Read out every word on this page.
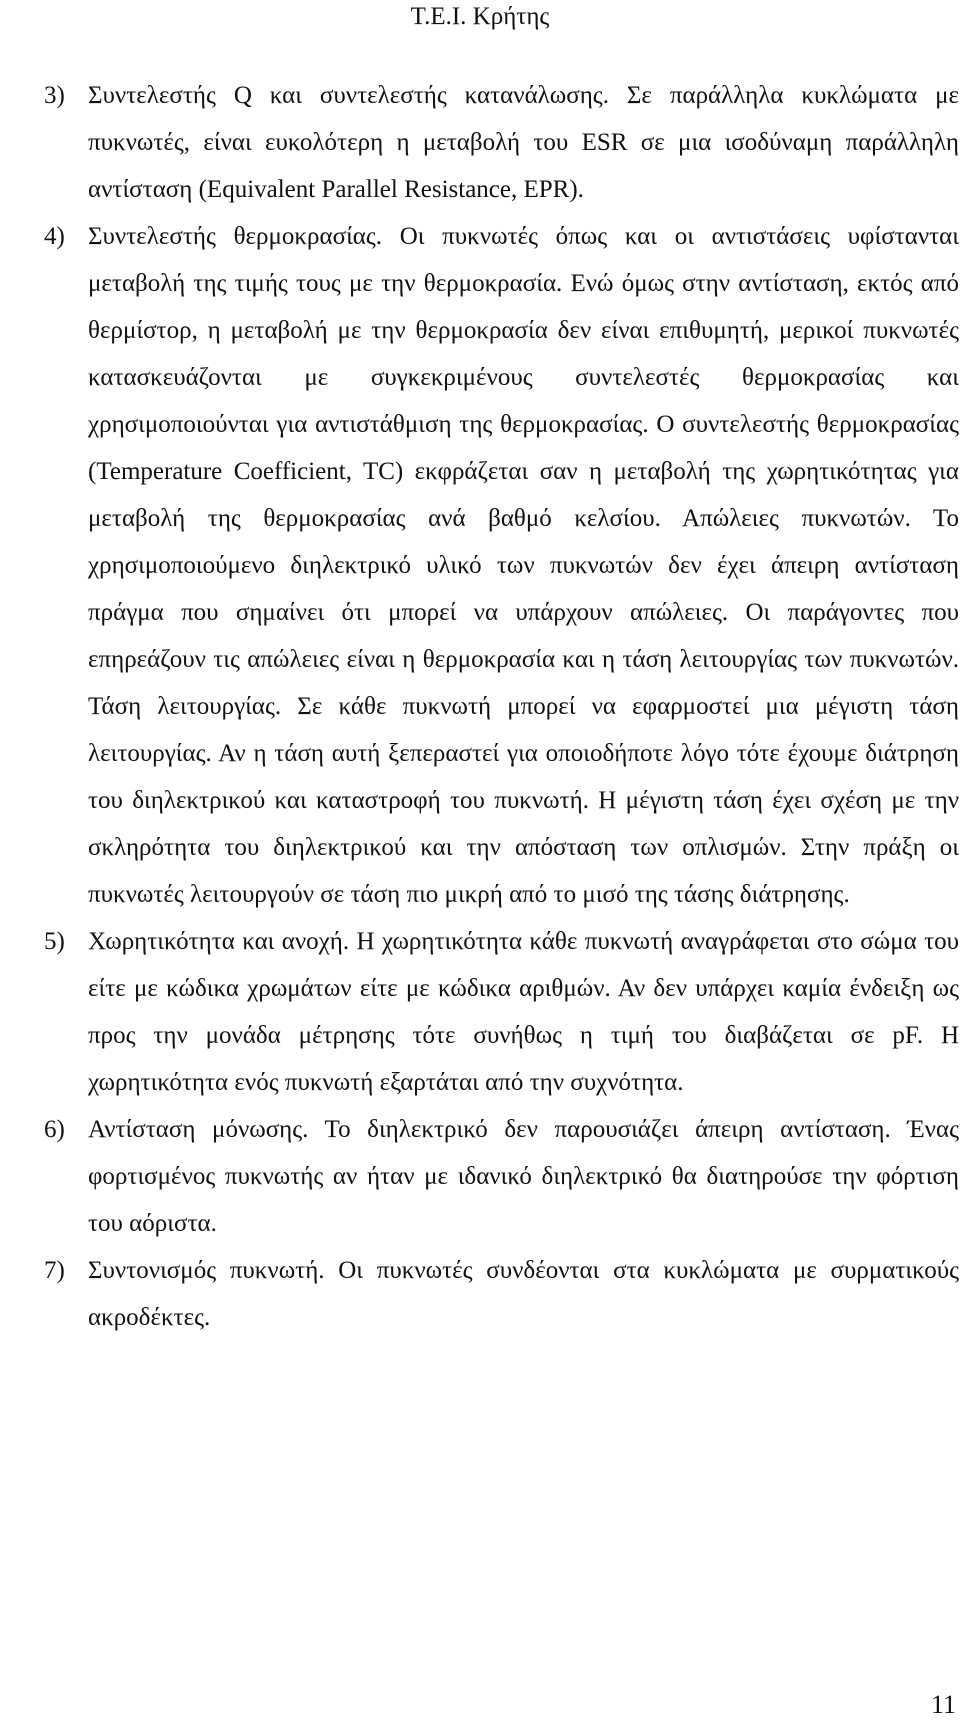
Τ.Ε.Ι. Κρήτης
3) Συντελεστής Q και συντελεστής κατανάλωσης. Σε παράλληλα κυκλώματα με πυκνωτές, είναι ευκολότερη η μεταβολή του ESR σε μια ισοδύναμη παράλληλη αντίσταση (Equivalent Parallel Resistance, EPR).
4) Συντελεστής θερμοκρασίας. Οι πυκνωτές όπως και οι αντιστάσεις υφίστανται μεταβολή της τιμής τους με την θερμοκρασία. Ενώ όμως στην αντίσταση, εκτός από θερμίστορ, η μεταβολή με την θερμοκρασία δεν είναι επιθυμητή, μερικοί πυκνωτές κατασκευάζονται με συγκεκριμένους συντελεστές θερμοκρασίας και χρησιμοποιούνται για αντιστάθμιση της θερμοκρασίας. Ο συντελεστής θερμοκρασίας (Temperature Coefficient, TC) εκφράζεται σαν η μεταβολή της χωρητικότητας για μεταβολή της θερμοκρασίας ανά βαθμό κελσίου. Απώλειες πυκνωτών. Το χρησιμοποιούμενο διηλεκτρικό υλικό των πυκνωτών δεν έχει άπειρη αντίσταση πράγμα που σημαίνει ότι μπορεί να υπάρχουν απώλειες. Οι παράγοντες που επηρεάζουν τις απώλειες είναι η θερμοκρασία και η τάση λειτουργίας των πυκνωτών. Τάση λειτουργίας. Σε κάθε πυκνωτή μπορεί να εφαρμοστεί μια μέγιστη τάση λειτουργίας. Αν η τάση αυτή ξεπεραστεί για οποιοδήποτε λόγο τότε έχουμε διάτρηση του διηλεκτρικού και καταστροφή του πυκνωτή. Η μέγιστη τάση έχει σχέση με την σκληρότητα του διηλεκτρικού και την απόσταση των οπλισμών. Στην πράξη οι πυκνωτές λειτουργούν σε τάση πιο μικρή από το μισό της τάσης διάτρησης.
5) Χωρητικότητα και ανοχή. Η χωρητικότητα κάθε πυκνωτή αναγράφεται στο σώμα του είτε με κώδικα χρωμάτων είτε με κώδικα αριθμών. Αν δεν υπάρχει καμία ένδειξη ως προς την μονάδα μέτρησης τότε συνήθως η τιμή του διαβάζεται σε pF. Η χωρητικότητα ενός πυκνωτή εξαρτάται από την συχνότητα.
6) Αντίσταση μόνωσης. Το διηλεκτρικό δεν παρουσιάζει άπειρη αντίσταση. Ένας φορτισμένος πυκνωτής αν ήταν με ιδανικό διηλεκτρικό θα διατηρούσε την φόρτιση του αόριστα.
7) Συντονισμός πυκνωτή. Οι πυκνωτές συνδέονται στα κυκλώματα με συρματικούς ακροδέκτες.
11
